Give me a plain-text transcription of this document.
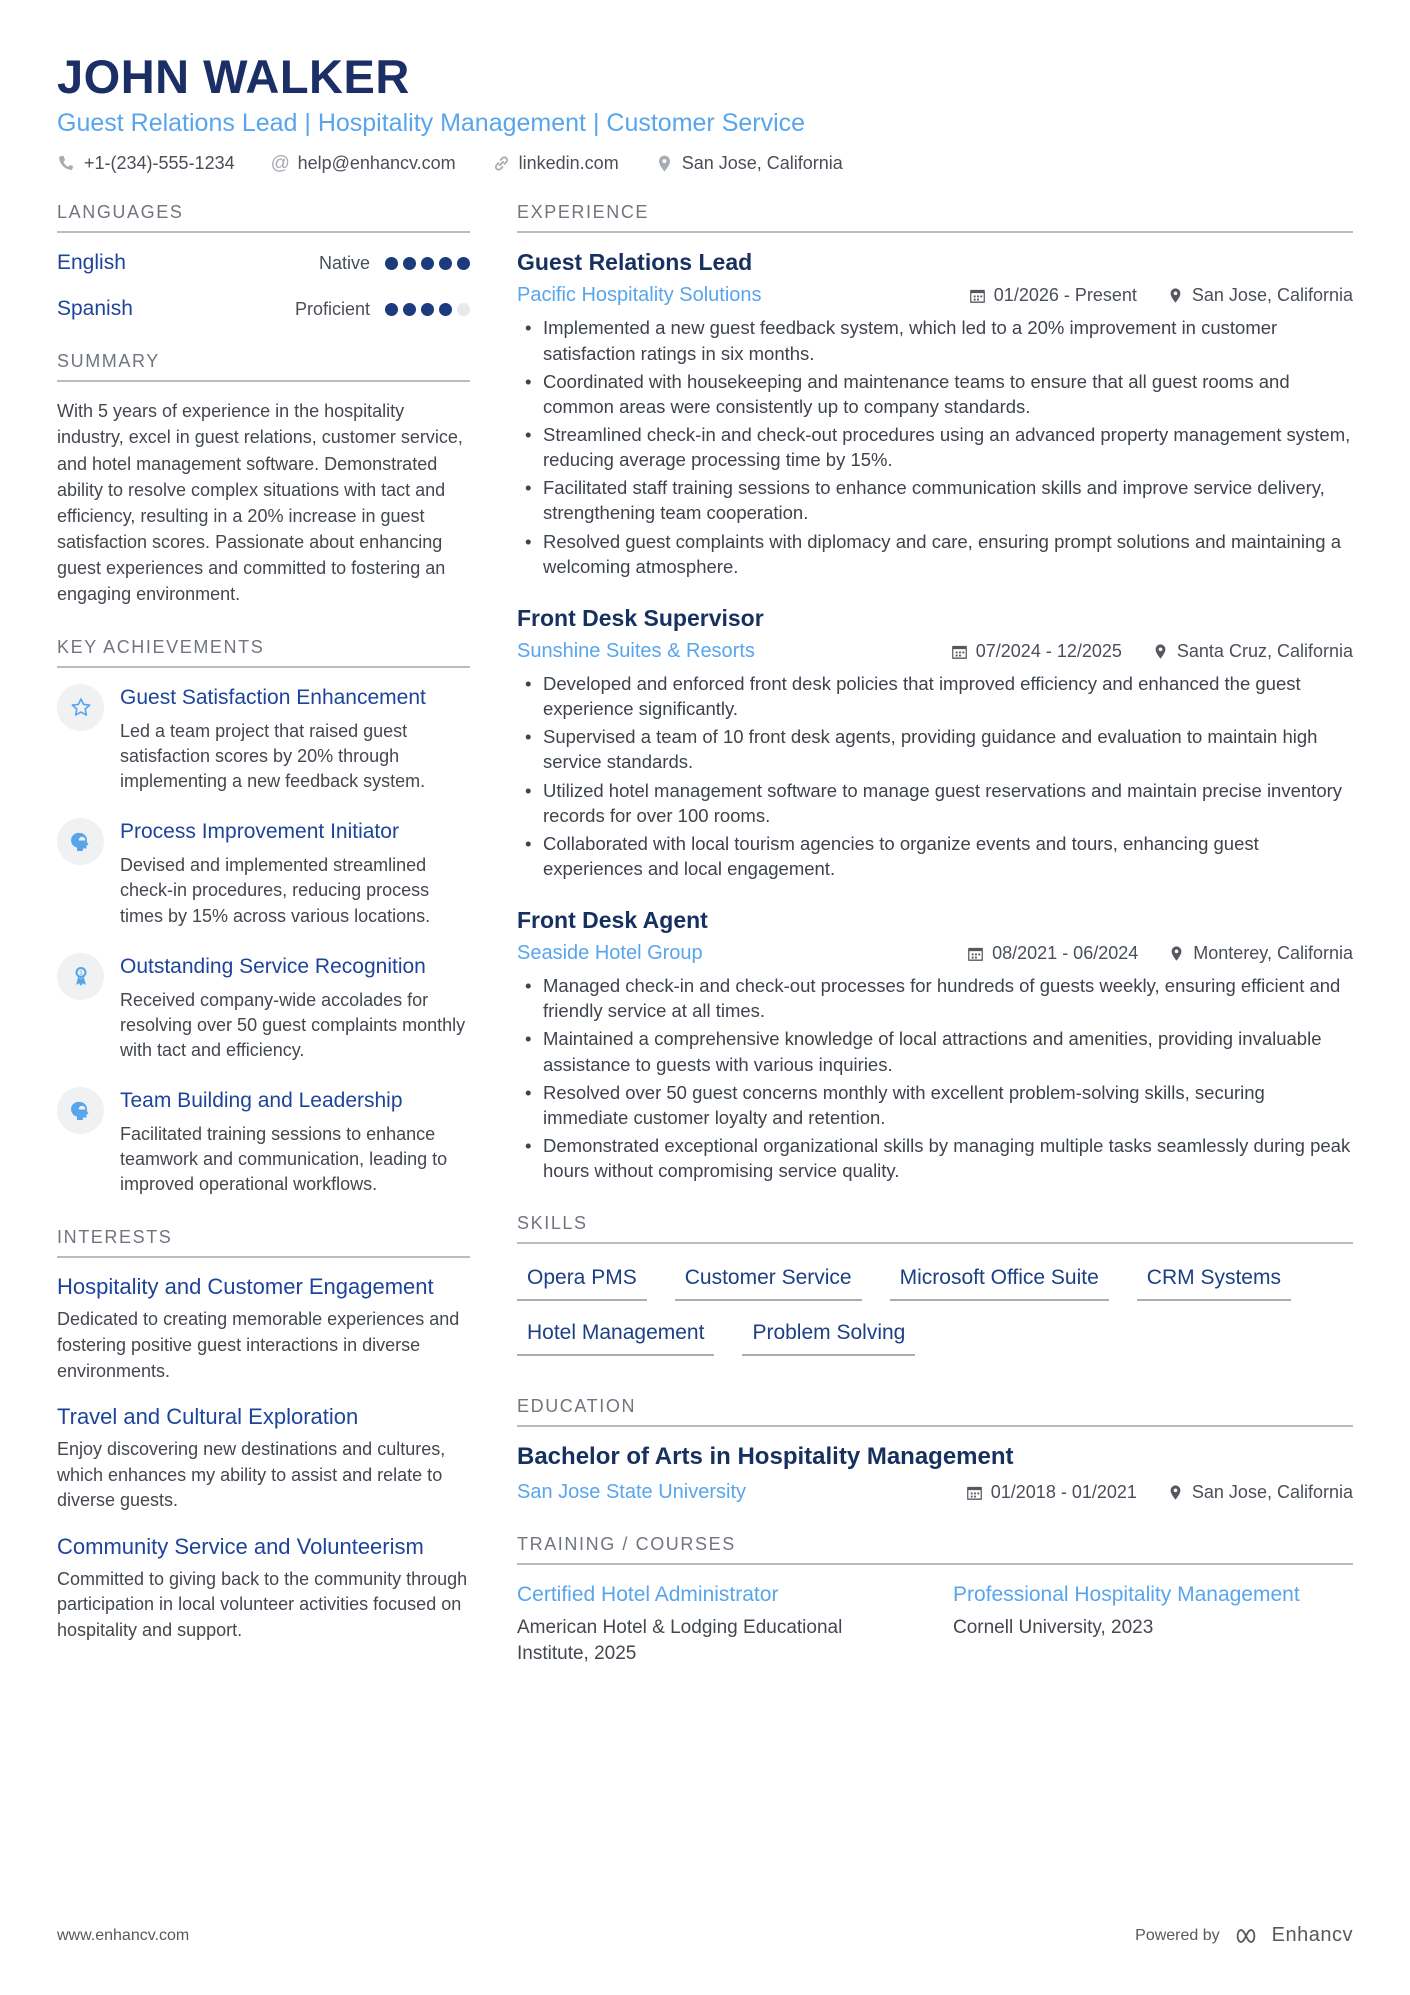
JOHN WALKER
Guest Relations Lead | Hospitality Management | Customer Service
+1-(234)-555-1234 @ help@enhancv.com	linkedin.com	San Jose, California
LANGUAGES
English	Native
Spanish	Proficient
SUMMARY

With 5 years of experience in the hospitality industry, excel in guest relations, customer service, and hotel management software. Demonstrated ability to resolve complex situations with tact and efficiency, resulting in a 20% increase in guest satisfaction scores. Passionate about enhancing guest experiences and committed to fostering an engaging environment.

KEY ACHIEVEMENTS
Guest Satisfaction Enhancement
Led a team project that raised guest satisfaction scores by 20% through implementing a new feedback system.
Process Improvement Initiator
Devised and implemented streamlined check-in procedures, reducing process times by 15% across various locations.
1 Outstanding Service Recognition
Received company-wide accolades for resolving over 50 guest complaints monthly with tact and efficiency.
Team Building and Leadership
Facilitated training sessions to enhance teamwork and communication, leading to improved operational workflows.
INTERESTS
Hospitality and Customer Engagement
Dedicated to creating memorable experiences and fostering positive guest interactions in diverse environments.
Travel and Cultural Exploration
Enjoy discovering new destinations and cultures, which enhances my ability to assist and relate to diverse guests.
Community Service and Volunteerism
Committed to giving back to the community through participation in local volunteer activities focused on hospitality and support.
EXPERIENCE
Guest Relations Lead
Pacific Hospitality Solutions	01/2026 - Present	San Jose, California
• Implemented a new guest feedback system, which led to a 20% improvement in customer satisfaction ratings in six months.
• Coordinated with housekeeping and maintenance teams to ensure that all guest rooms and common areas were consistently up to company standards.
• Streamlined check-in and check-out procedures using an advanced property management system, reducing average processing time by 15%.
• Facilitated staff training sessions to enhance communication skills and improve service delivery, strengthening team cooperation.
• Resolved guest complaints with diplomacy and care, ensuring prompt solutions and maintaining a welcoming atmosphere.
Front Desk Supervisor
Sunshine Suites & Resorts	07/2024 - 12/2025	Santa Cruz, California
• Developed and enforced front desk policies that improved efficiency and enhanced the guest experience significantly.
• Supervised a team of 10 front desk agents, providing guidance and evaluation to maintain high service standards.
• Utilized hotel management software to manage guest reservations and maintain precise inventory records for over 100 rooms.
• Collaborated with local tourism agencies to organize events and tours, enhancing guest experiences and local engagement.
Front Desk Agent
Seaside Hotel Group	08/2021 - 06/2024	Monterey, California
• Managed check-in and check-out processes for hundreds of guests weekly, ensuring efficient and friendly service at all times.
• Maintained a comprehensive knowledge of local attractions and amenities, providing invaluable assistance to guests with various inquiries.
• Resolved over 50 guest concerns monthly with excellent problem-solving skills, securing immediate customer loyalty and retention.
• Demonstrated exceptional organizational skills by managing multiple tasks seamlessly during peak hours without compromising service quality.
SKILLS
Opera PMS	Customer Service	Microsoft Office Suite	CRM Systems
Hotel Management	Problem Solving
EDUCATION
Bachelor of Arts in Hospitality Management
San Jose State University	01/2018 - 01/2021	San Jose, California
TRAINING / COURSES
Certified Hotel Administrator
American Hotel & Lodging Educational Institute, 2025
Professional Hospitality Management
Cornell University, 2023
www.enhancv.com	Powered by	Enhancv
